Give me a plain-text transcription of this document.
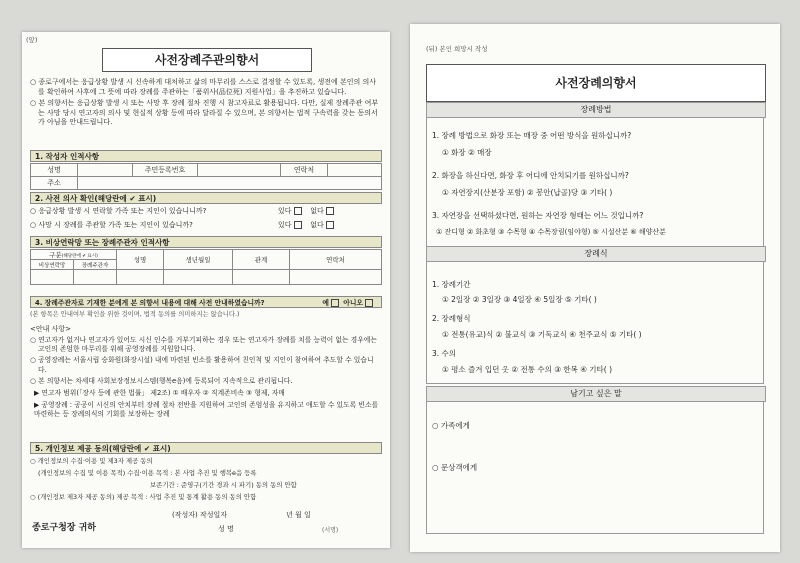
(앞)
사전장례주관의향서

○ 종로구에서는 응급상황 발생 시 신속하게 대처하고 삶의 마무리를 스스로 결정할 수 있도록, 생전에 본인의 의사를 확인하여 사후에 그 뜻에 따라 장례를 주관하는「품위사(品位死) 지원사업」을 추진하고 있습니다.

○ 본 의향서는 응급상황 발생 시 또는 사망 후 장례 절차 진행 시 참고자료로 활용됩니다. 다만, 실제 장례주관 여부는 사망 당시 연고자의 의사 및 현실적 상황 등에 따라 달라질 수 있으며, 본 의향서는 법적 구속력을 갖는 동의서가 아님을 안내드립니다.

1. 작성자 인적사항
성명		주민등록번호		연락처	
주소					
2. 사전 의사 확인(해당란에 ✔ 표시)
○ 응급상황 발생 시 연락할 가족 또는 지인이 있습니니까?	있다	없다
○ 사망 시 장례를 주관할 가족 또는 지인이 있습니까?	있다	없다
3. 비상연락망 또는 장례주관자 인적사항
구분(해당란에 ✔ 표시)		성명	생년월일	관계	연락처
비상연락망	장례주관자				

4. 장례주관자로 기재한 분에게 본 의향서 내용에 대해 사전 안내하였습니까?	예 아니오
(본 항목은 안내여부 확인을 위한 것이며, 법적 동의를 의미하지는 않습니다.)
<안내 사항>

○ 연고자가 없거나 연고자가 있어도 시신 인수를 거부기피하는 경우 또는 연고자가 장례를 치를 능력이 없는 경우에는 고인의 존엄한 마무리를 위해 공영장례를 지원합니다.

○ 공영장례는 서울시립 승화원(화장시설) 내에 마련된 빈소를 활용하여 친인척 및 지인이 참여하여 추도할 수 있습니다.

○ 본 의향서는 차세대 사회보장정보시스템(행복e음)에 등록되어 지속적으로 관리됩니다.

▶ 연고자 범위(「장사 등에 관한 법률」 제2조) ① 배우자 ② 직계존비속 ③ 형제, 자매

▶ 공영장례 : 공공이 시신의 안치부터 장례 절차 전반을 지원하여 고인의 존엄성을 유지하고 애도할 수 있도록 빈소를 마련하는 등 장례의식의 기회를 보장하는 장례

5. 개인정보 제공 동의(해당란에 ✔ 표시)

○ 개인정보의 수집·이용 및 제3자 제공 동의

(개인정보의 수집 및 이용 목적) 수집·이용 목적 : 본 사업 추진 및 행복e음 등록

보존기간 : 준영구(기간 경과 시 파기) 동의 동의 안함

○ (개인정보 제3자 제공 동의) 제공 목적 : 사업 추진 및 통계 활용 동의 동의 안함

종로구청장 귀하
(작성자) 작성일자	년 월 일
성 명	(서명)
(뒤) 본인 희망시 작성
사전장례의향서
장례방법
1. 장례 방법으로 화장 또는 매장 중 어떤 방식을 원하십니까?
① 화장 ② 매장
2. 화장을 하신다면, 화장 후 어디에 안치되기를 원하십니까?
① 자연장지(산분장 포함) ② 봉안(납골)당 ③ 기타( )
3. 자연장을 선택하셨다면, 원하는 자연장 형태는 어느 것입니까?
① 잔디형 ② 화초형 ③ 수목형 ④ 수목장림(임야형) ⑤ 시설산분 ⑥ 해양산분
장례식
1. 장례기간
① 2일장 ② 3일장 ③ 4일장 ④ 5일장 ⑤ 기타( )
2. 장례형식
① 전통(유교)식 ② 불교식 ③ 기독교식 ④ 천주교식 ⑤ 기타( )
3. 수의
① 평소 즐겨 입던 옷 ② 전통 수의 ③ 한복 ④ 기타( )
남기고 싶은 말
○ 가족에게
○ 문상객에게
